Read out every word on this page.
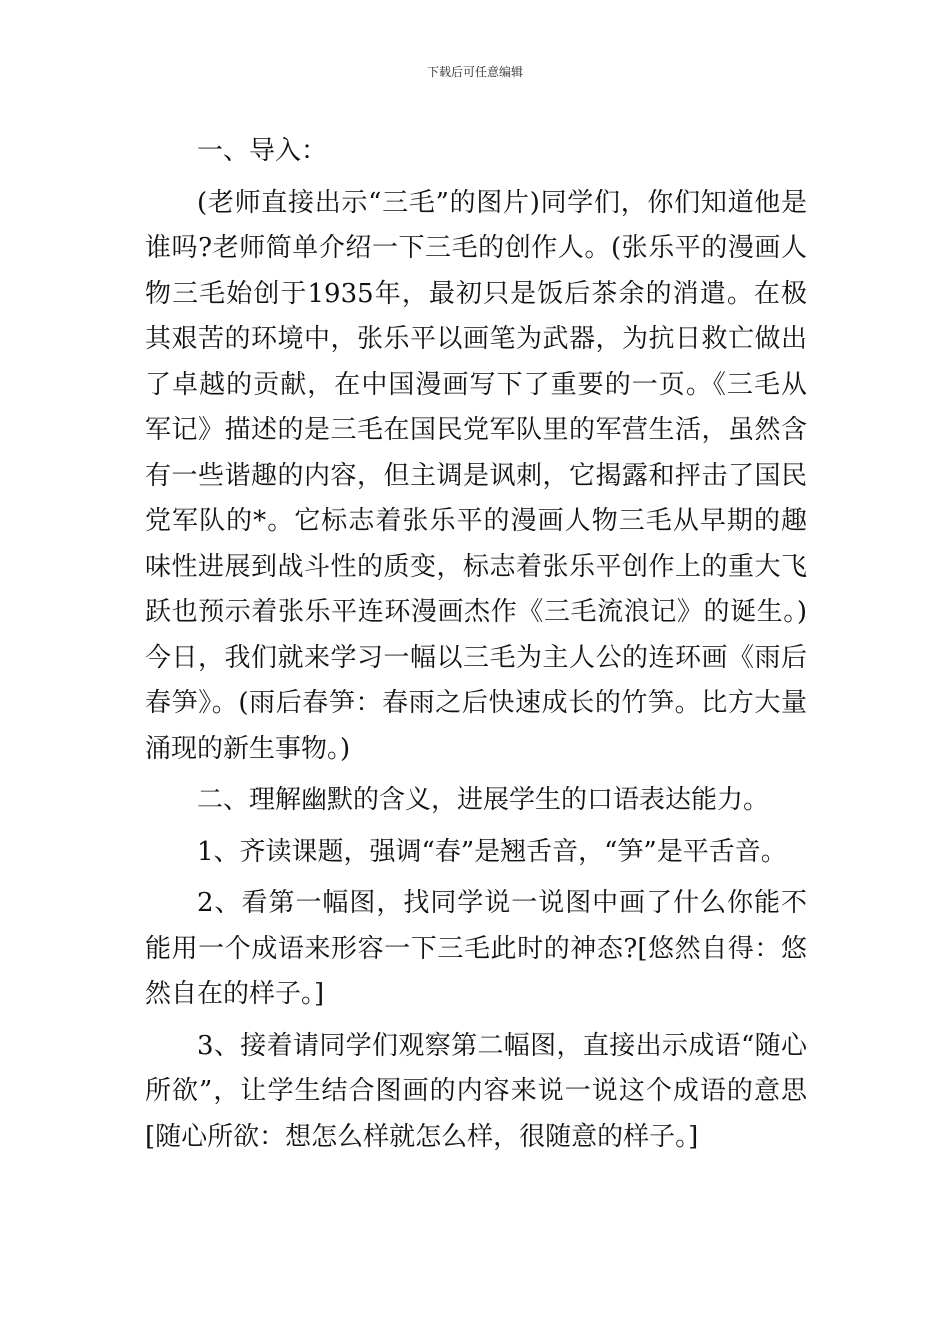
下载后可任意编辑

一、导入：

(老师直接出示“三毛”的图片)同学们，你们知道他是谁吗?老师简单介绍一下三毛的创作人。(张乐平的漫画人物三毛始创于1935年，最初只是饭后茶余的消遣。在极其艰苦的环境中，张乐平以画笔为武器，为抗日救亡做出了卓越的贡献，在中国漫画写下了重要的一页。《三毛从军记》描述的是三毛在国民党军队里的军营生活，虽然含有一些谐趣的内容，但主调是讽刺，它揭露和抨击了国民党军队的*。它标志着张乐平的漫画人物三毛从早期的趣味性进展到战斗性的质变，标志着张乐平创作上的重大飞跃也预示着张乐平连环漫画杰作《三毛流浪记》的诞生。)今日，我们就来学习一幅以三毛为主人公的连环画《雨后春笋》。(雨后春笋：春雨之后快速成长的竹笋。比方大量涌现的新生事物。)

二、理解幽默的含义，进展学生的口语表达能力。

1、齐读课题，强调“春”是翘舌音，“笋”是平舌音。

2、看第一幅图，找同学说一说图中画了什么你能不能用一个成语来形容一下三毛此时的神态?[悠然自得：悠然自在的样子。]

3、接着请同学们观察第二幅图，直接出示成语“随心所欲”，让学生结合图画的内容来说一说这个成语的意思[随心所欲：想怎么样就怎么样，很随意的样子。]
